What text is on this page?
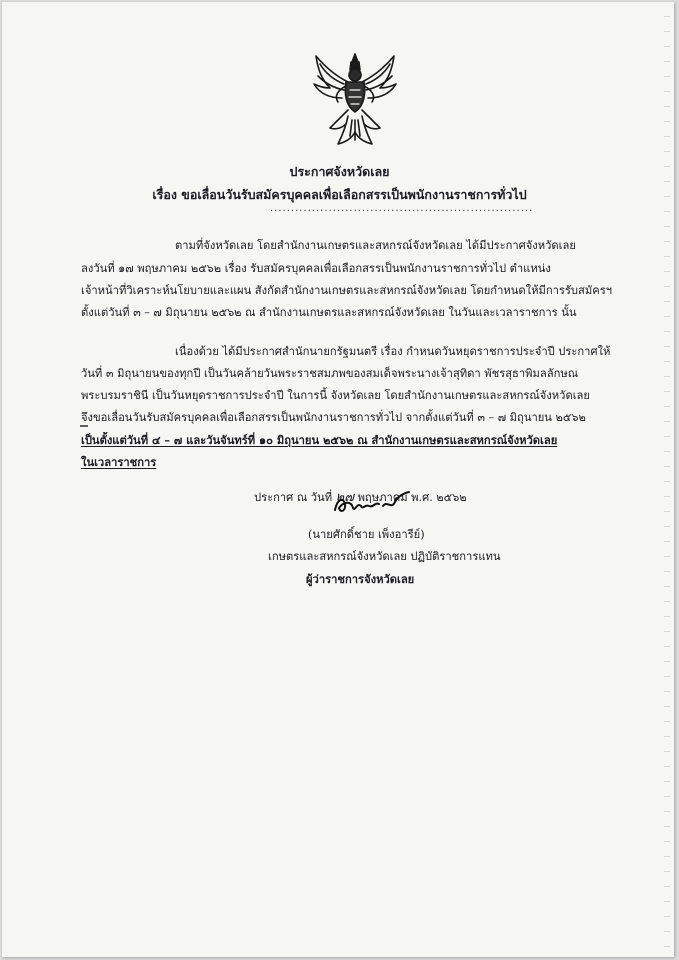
ประกาศจังหวัดเลย
เรื่อง ขอเลื่อนวันรับสมัครบุคคลเพื่อเลือกสรรเป็นพนักงานราชการทั่วไป
...............................................................
ตามที่จังหวัดเลย โดยสำนักงานเกษตรและสหกรณ์จังหวัดเลย ได้มีประกาศจังหวัดเลย
ลงวันที่ ๑๗ พฤษภาคม ๒๕๖๒ เรื่อง รับสมัครบุคคลเพื่อเลือกสรรเป็นพนักงานราชการทั่วไป ตำแหน่ง
เจ้าหน้าที่วิเคราะห์นโยบายและแผน สังกัดสำนักงานเกษตรและสหกรณ์จังหวัดเลย โดยกำหนดให้มีการรับสมัครฯ
ตั้งแต่วันที่ ๓ – ๗ มิถุนายน ๒๕๖๒ ณ สำนักงานเกษตรและสหกรณ์จังหวัดเลย ในวันและเวลาราชการ นั้น
เนื่องด้วย ได้มีประกาศสำนักนายกรัฐมนตรี เรื่อง กำหนดวันหยุดราชการประจำปี ประกาศให้
วันที่ ๓ มิถุนายนของทุกปี เป็นวันคล้ายวันพระราชสมภพของสมเด็จพระนางเจ้าสุทิดา พัชรสุธาพิมลลักษณ
พระบรมราชินี เป็นวันหยุดราชการประจำปี ในการนี้ จังหวัดเลย โดยสำนักงานเกษตรและสหกรณ์จังหวัดเลย
จึงขอเลื่อนวันรับสมัครบุคคลเพื่อเลือกสรรเป็นพนักงานราชการทั่วไป จากตั้งแต่วันที่ ๓ – ๗ มิถุนายน ๒๕๖๒
เป็นตั้งแต่วันที่ ๔ – ๗ และวันจันทร์ที่ ๑๐ มิถุนายน ๒๕๖๒ ณ สำนักงานเกษตรและสหกรณ์จังหวัดเลย
ในเวลาราชการ
ประกาศ ณ วันที่ ๒๗ พฤษภาคม พ.ศ. ๒๕๖๒
(นายศักดิ์ชาย เพ็งอารีย์)
เกษตรและสหกรณ์จังหวัดเลย ปฏิบัติราชการแทน
ผู้ว่าราชการจังหวัดเลย
